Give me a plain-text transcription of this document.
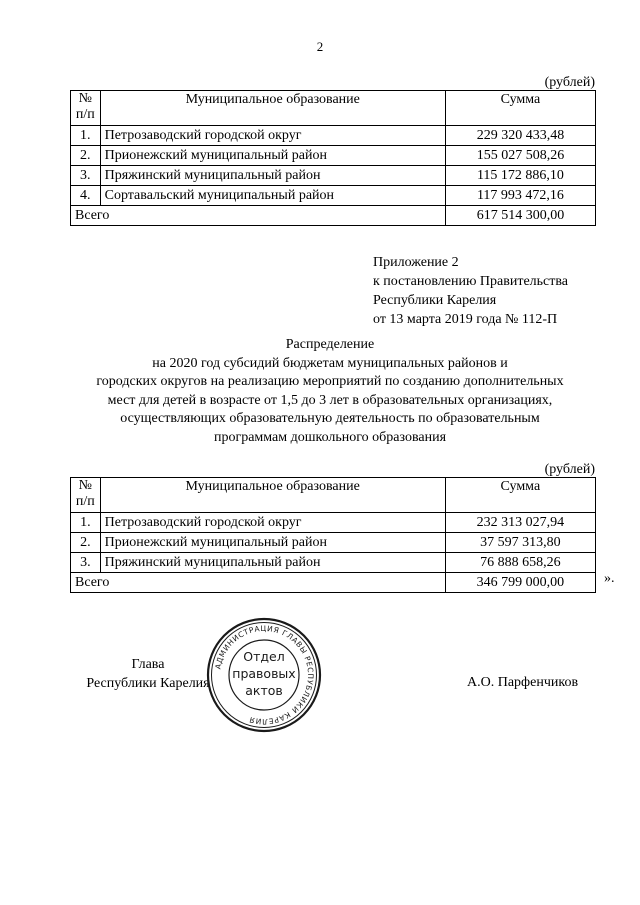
2
(рублей)
№
п/п	Муниципальное образование	Сумма
1.	Петрозаводский городской округ	229 320 433,48
2.	Прионежский муниципальный район	155 027 508,26
3.	Пряжинский муниципальный район	115 172 886,10
4.	Сортавальский муниципальный район	117 993 472,16
Всего		617 514 300,00
Приложение 2
к постановлению Правительства
Республики Карелия
от 13 марта 2019 года № 112-П
Распределение
на 2020 год субсидий бюджетам муниципальных районов и
городских округов на реализацию мероприятий по созданию дополнительных
мест для детей в возрасте от 1,5 до 3 лет в образовательных организациях,
осуществляющих образовательную деятельность по образовательным
программам дошкольного образования
(рублей)
№
п/п	Муниципальное образование	Сумма
1.	Петрозаводский городской округ	232 313 027,94
2.	Прионежский муниципальный район	37 597 313,80
3.	Пряжинский муниципальный район	76 888 658,26
Всего		346 799 000,00	».
Глава
Республики Карелия	А.О. Парфенчиков
АДМИНИСТРАЦИЯ ГЛАВЫ РЕСПУБЛИКИ КАРЕЛИЯ
Отдел
правовых
актов
